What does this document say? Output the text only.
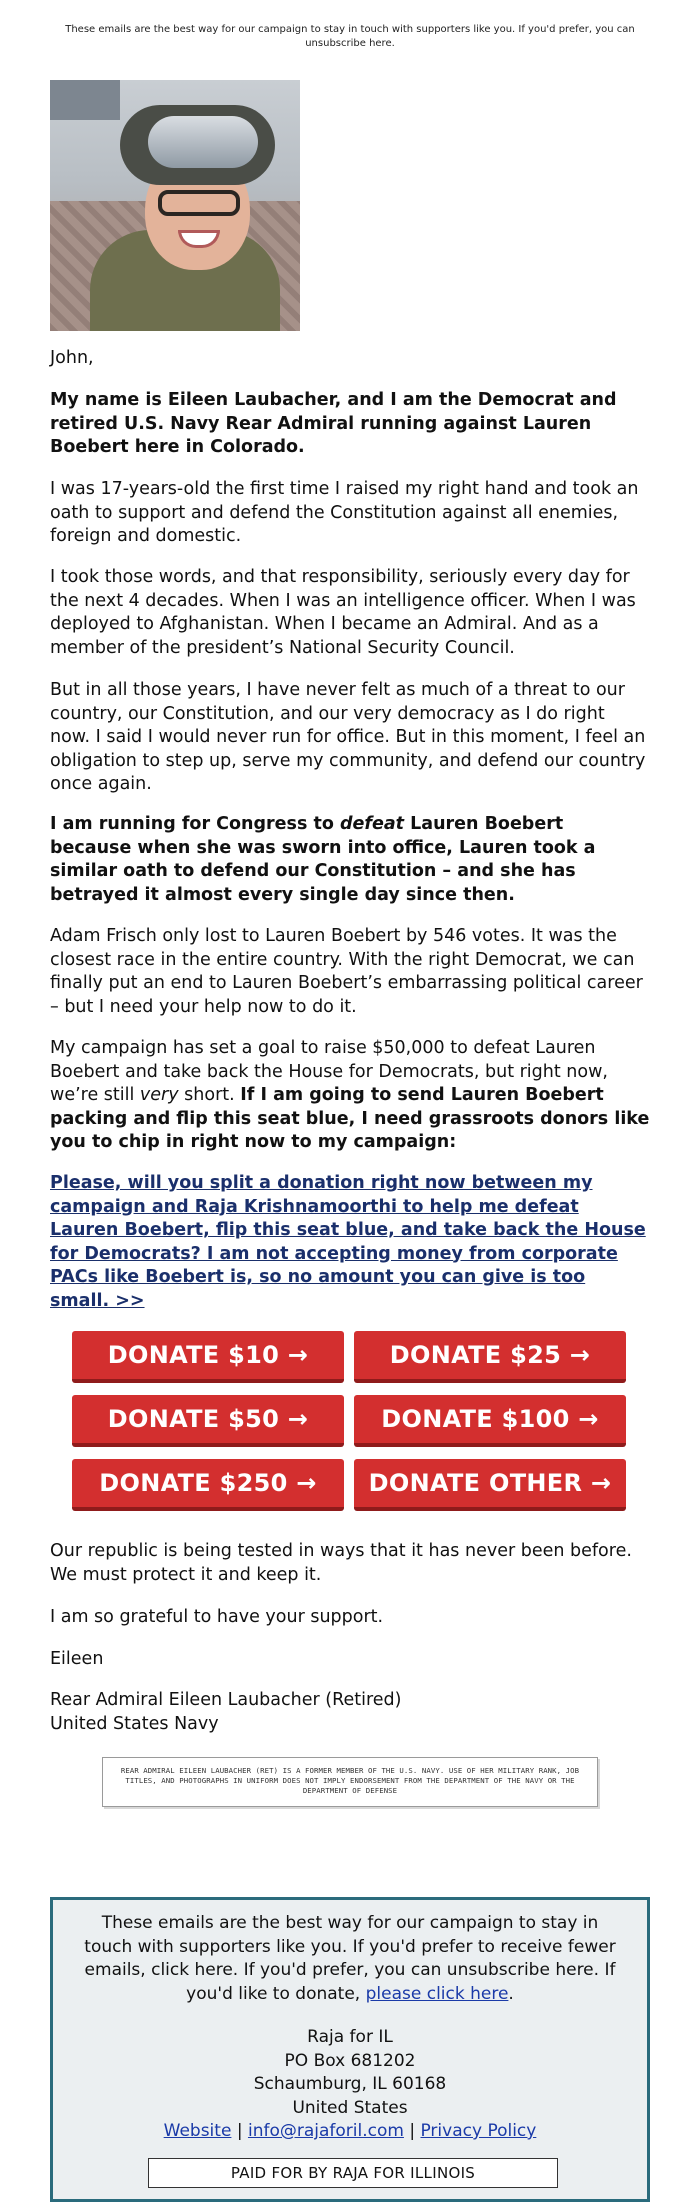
These emails are the best way for our campaign to stay in touch with supporters like you. If you'd prefer, you can unsubscribe here.

John,

My name is Eileen Laubacher, and I am the Democrat and retired U.S. Navy Rear Admiral running against Lauren Boebert here in Colorado.

I was 17-years-old the first time I raised my right hand and took an oath to support and defend the Constitution against all enemies, foreign and domestic.

I took those words, and that responsibility, seriously every day for the next 4 decades. When I was an intelligence officer. When I was deployed to Afghanistan. When I became an Admiral. And as a member of the president’s National Security Council.

But in all those years, I have never felt as much of a threat to our country, our Constitution, and our very democracy as I do right now. I said I would never run for office. But in this moment, I feel an obligation to step up, serve my community, and defend our country once again.

I am running for Congress to defeat Lauren Boebert because when she was sworn into office, Lauren took a similar oath to defend our Constitution – and she has betrayed it almost every single day since then.

Adam Frisch only lost to Lauren Boebert by 546 votes. It was the closest race in the entire country. With the right Democrat, we can finally put an end to Lauren Boebert’s embarrassing political career – but I need your help now to do it.

My campaign has set a goal to raise $50,000 to defeat Lauren Boebert and take back the House for Democrats, but right now, we’re still very short. If I am going to send Lauren Boebert packing and flip this seat blue, I need grassroots donors like you to chip in right now to my campaign:

Please, will you split a donation right now between my campaign and Raja Krishnamoorthi to help me defeat Lauren Boebert, flip this seat blue, and take back the House for Democrats? I am not accepting money from corporate PACs like Boebert is, so no amount you can give is too small. >>

DONATE $10 →	DONATE $25 →
DONATE $50 →	DONATE $100 →
DONATE $250 →	DONATE OTHER →

Our republic is being tested in ways that it has never been before. We must protect it and keep it.

I am so grateful to have your support.

Eileen

Rear Admiral Eileen Laubacher (Retired)
United States Navy

REAR ADMIRAL EILEEN LAUBACHER (RET) IS A FORMER MEMBER OF THE U.S. NAVY. USE OF HER MILITARY RANK, JOB TITLES, AND PHOTOGRAPHS IN UNIFORM DOES NOT IMPLY ENDORSEMENT FROM THE DEPARTMENT OF THE NAVY OR THE DEPARTMENT OF DEFENSE
These emails are the best way for our campaign to stay in touch with supporters like you. If you'd prefer to receive fewer emails, click here. If you'd prefer, you can unsubscribe here. If you'd like to donate, please click here.
Raja for IL
PO Box 681202
Schaumburg, IL 60168
United States
Website | info@rajaforil.com | Privacy Policy
PAID FOR BY RAJA FOR ILLINOIS
